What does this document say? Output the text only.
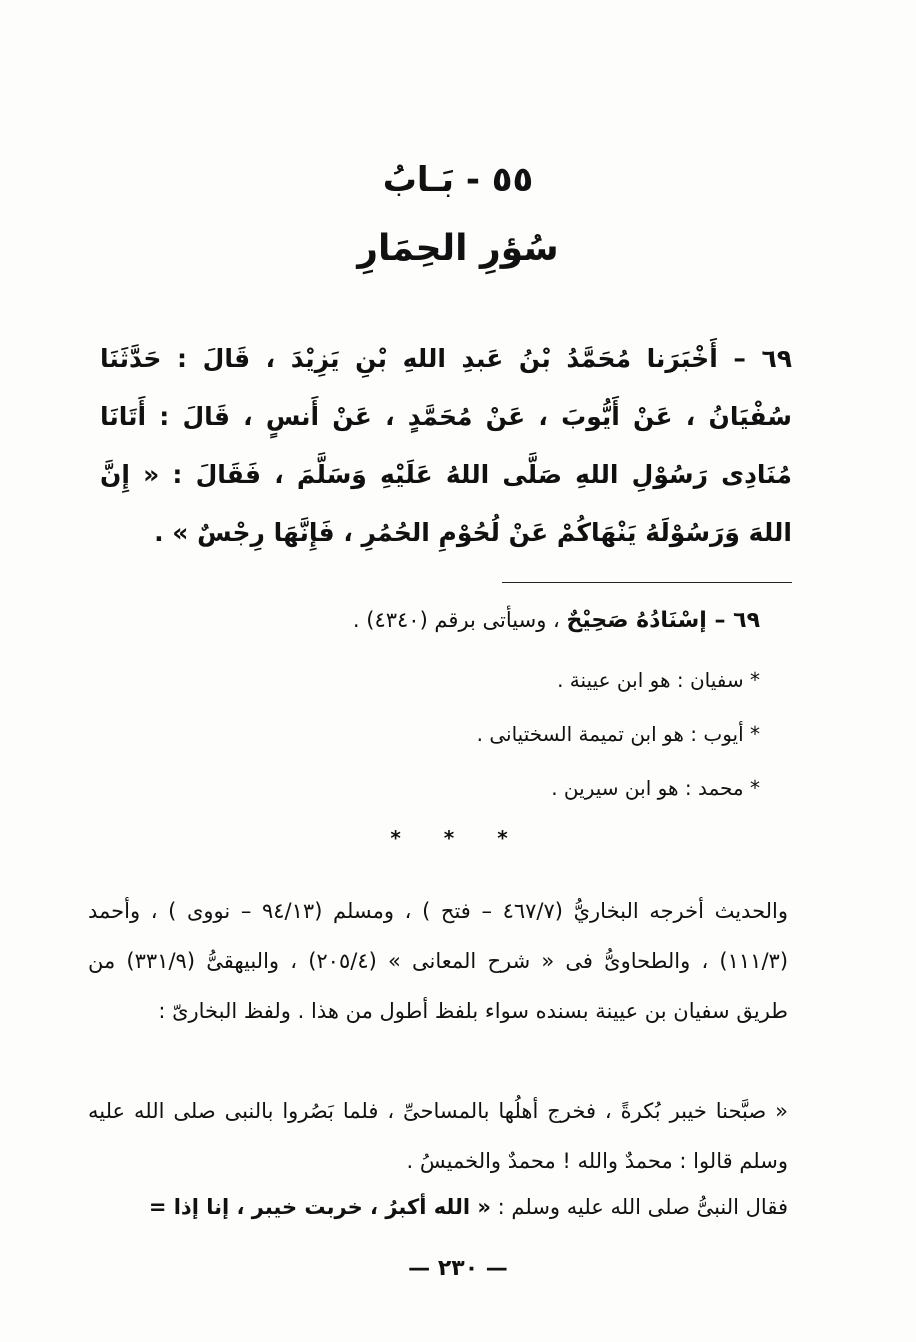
٥٥ - بَـابُ
سُؤرِ الحِمَارِ
٦٩ – أَخْبَرَنا مُحَمَّدُ بْنُ عَبدِ اللهِ بْنِ يَزِيْدَ ، قَالَ : حَدَّثَنَا سُفْيَانُ ، عَنْ أَيُّوبَ ، عَنْ مُحَمَّدٍ ، عَنْ أَنسٍ ، قَالَ : أَتَانَا مُنَادِى رَسُوْلِ اللهِ صَلَّى اللهُ عَلَيْهِ وَسَلَّمَ ، فَقَالَ : « إِنَّ اللهَ وَرَسُوْلَهُ يَنْهَاكُمْ عَنْ لُحُوْمِ الحُمُرِ ، فَإِنَّهَا رِجْسٌ » .
٦٩ – إسْنَادُهُ صَحِيْحٌ ، وسيأتى برقم (٤٣٤٠) .
* سفيان : هو ابن عيينة .
* أيوب : هو ابن تميمة السختيانى .
* محمد : هو ابن سيرين .
* * *
والحديث أخرجه البخاريُّ (٤٦٧/٧ – فتح ) ، ومسلم (٩٤/١٣ – نووى ) ، وأحمد (١١١/٣) ، والطحاوىُّ فى « شرح المعانى » (٢٠٥/٤) ، والبيهقىُّ (٣٣١/٩) من طريق سفيان بن عيينة بسنده سواء بلفظ أطول من هذا . ولفظ البخارىّ :
« صبَّحنا خيبر بُكرةً ، فخرج أهلُها بالمساحىِّ ، فلما بَصُروا بالنبى صلى الله عليه وسلم قالوا : محمدٌ والله ! محمدٌ والخميسُ .
فقال النبىُّ صلى الله عليه وسلم : « الله أكبرُ ، خربت خيبر ، إنا إذا =
— ٢٣٠ —
